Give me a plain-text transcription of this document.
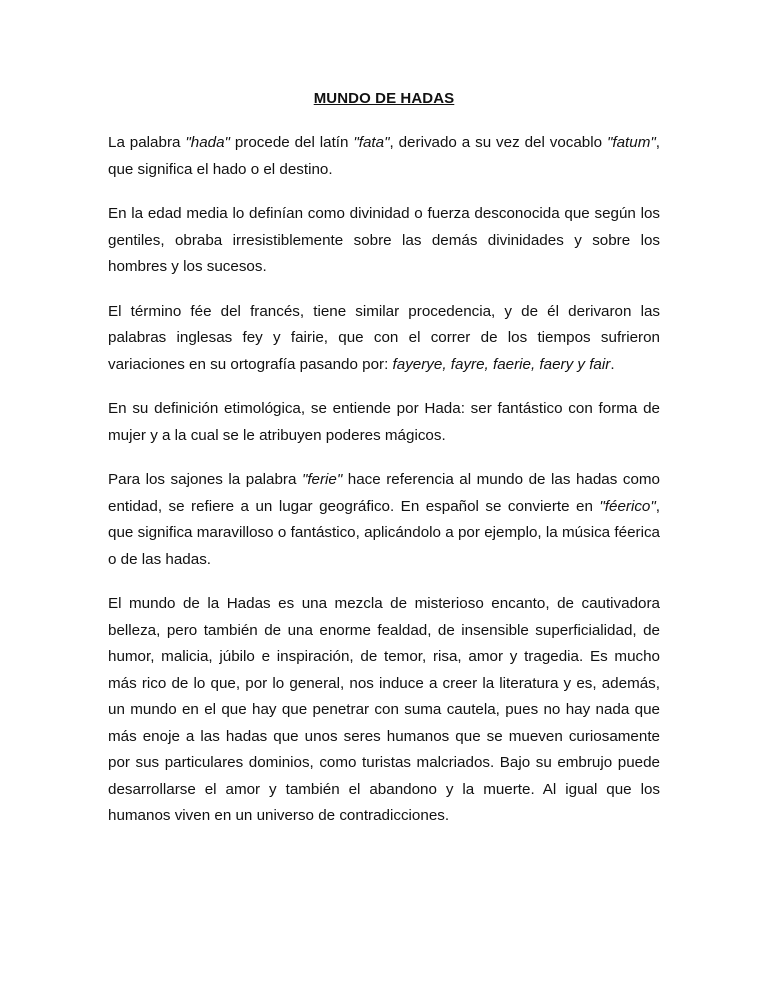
MUNDO DE HADAS

La palabra "hada" procede del latín "fata", derivado a su vez del vocablo "fatum", que significa el hado o el destino.

En la edad media lo definían como divinidad o fuerza desconocida que según los gentiles, obraba irresistiblemente sobre las demás divinidades y sobre los hombres y los sucesos.

El término fée del francés, tiene similar procedencia, y de él derivaron las palabras inglesas fey y fairie, que con el correr de los tiempos sufrieron variaciones en su ortografía pasando por: fayerye, fayre, faerie, faery y fair.

En su definición etimológica, se entiende por Hada: ser fantástico con forma de mujer y a la cual se le atribuyen poderes mágicos.

Para los sajones la palabra "ferie" hace referencia al mundo de las hadas como entidad, se refiere a un lugar geográfico. En español se convierte en "féerico", que significa maravilloso o fantástico, aplicándolo a por ejemplo, la música féerica o de las hadas.

El mundo de la Hadas es una mezcla de misterioso encanto, de cautivadora belleza, pero también de una enorme fealdad, de insensible superficialidad, de humor, malicia, júbilo e inspiración, de temor, risa, amor y tragedia. Es mucho más rico de lo que, por lo general, nos induce a creer la literatura y es, además, un mundo en el que hay que penetrar con suma cautela, pues no hay nada que más enoje a las hadas que unos seres humanos que se mueven curiosamente por sus particulares dominios, como turistas malcriados. Bajo su embrujo puede desarrollarse el amor y también el abandono y la muerte. Al igual que los humanos viven en un universo de contradicciones.
